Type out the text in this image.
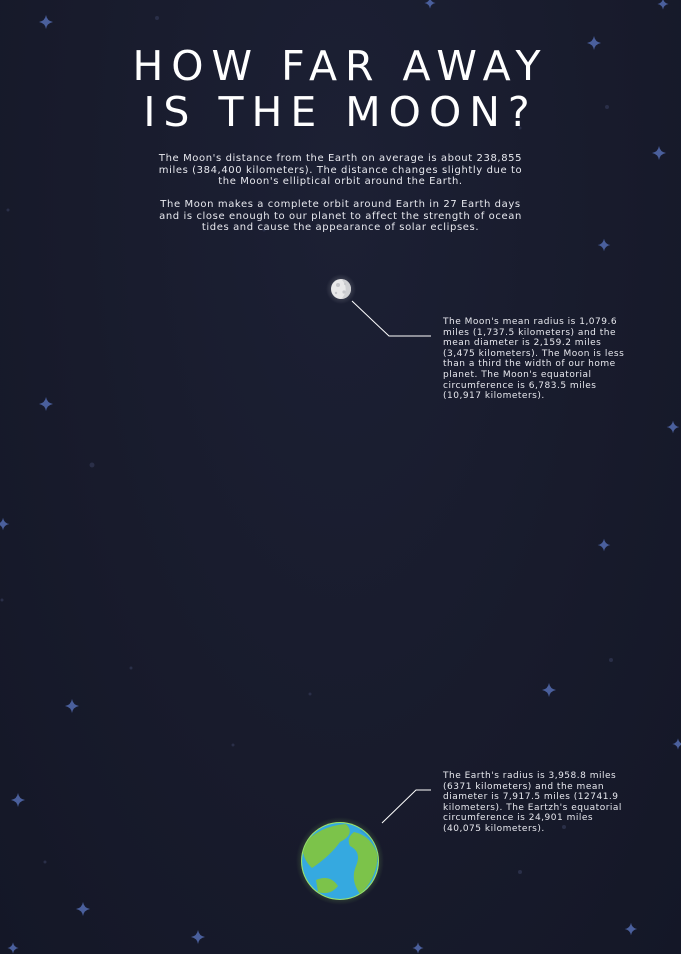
HOW FAR AWAY
IS THE MOON?

The Moon's distance from the Earth on average is about 238,855 miles (384,400 kilometers). The distance changes slightly due to the Moon's elliptical orbit around the Earth.

The Moon makes a complete orbit around Earth in 27 Earth days and is close enough to our planet to affect the strength of ocean tides and cause the appearance of solar eclipses.

The Moon's mean radius is 1,079.6 miles (1,737.5 kilometers) and the mean diameter is 2,159.2 miles (3,475 kilometers). The Moon is less than a third the width of our home planet. The Moon's equatorial circumference is 6,783.5 miles (10,917 kilometers).

The Earth's radius is 3,958.8 miles (6371 kilometers) and the mean diameter is 7,917.5 miles (12741.9 kilometers). The Eartzh's equatorial circumference is 24,901 miles (40,075 kilometers).
